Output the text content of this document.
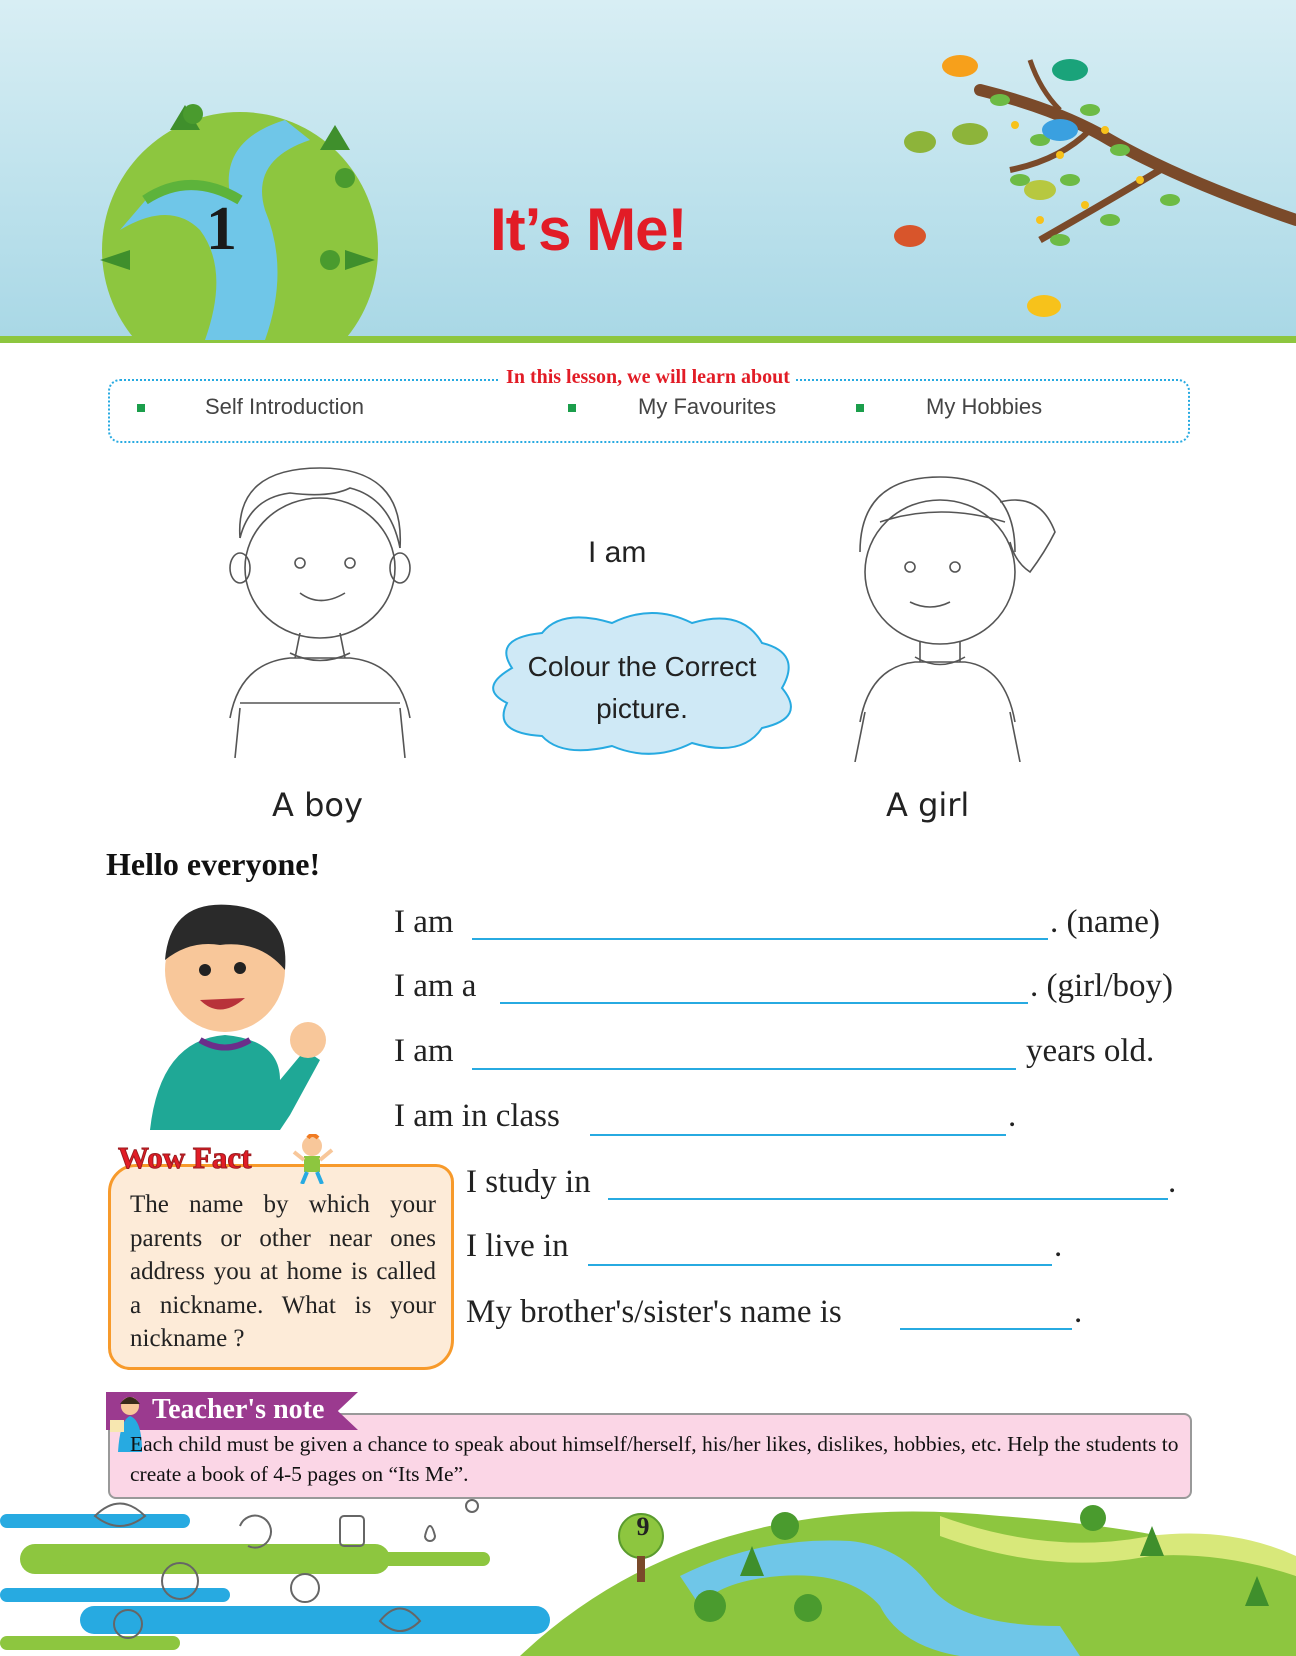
1	It’s Me!
In this lesson, we will learn about
Self Introduction	My Favourites	My Hobbies
I am
Colour the Correct picture.
A boy	A girl
Hello everyone!
I am	. (name)
I am a	. (girl/boy)
I am	years old.
I am in class	.
I study in	.
I live in	.
My brother's/sister's name is	.
Wow Fact
The name by which your parents or other near ones address you at home is called a nickname. What is your nickname ?
Teacher's note
Each child must be given a chance to speak about himself/herself, his/her likes, dislikes, hobbies, etc. Help the students to create a book of 4-5 pages on “Its Me”.
9
